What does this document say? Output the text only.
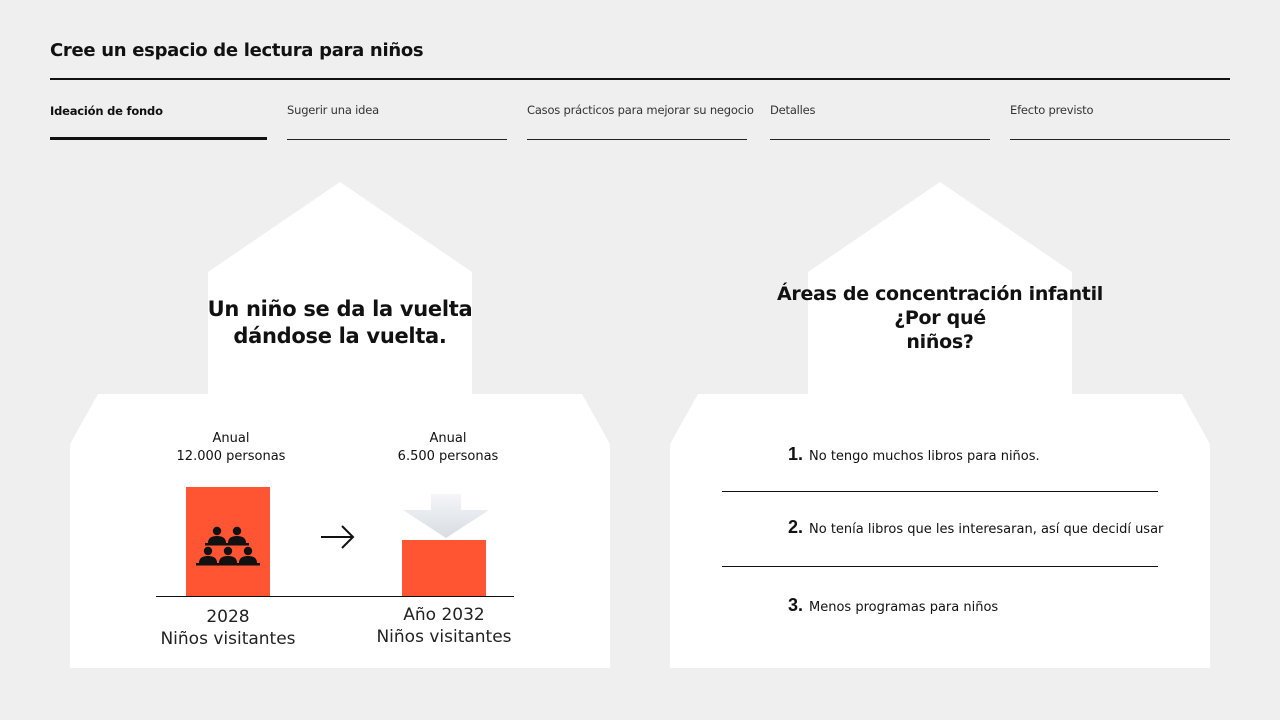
Cree un espacio de lectura para niños
Ideación de fondo	Sugerir una idea	Casos prácticos para mejorar su negocio Detalles	Efecto previsto
Un niño se da la vuelta
dándose la vuelta.
Anual
12.000 personas
Anual
6.500 personas
2028
Niños visitantes
Año 2032
Niños visitantes
Áreas de concentración infantil
¿Por qué
niños?
1. No tengo muchos libros para niños.
2. No tenía libros que les interesaran, así que decidí usar
3. Menos programas para niños
